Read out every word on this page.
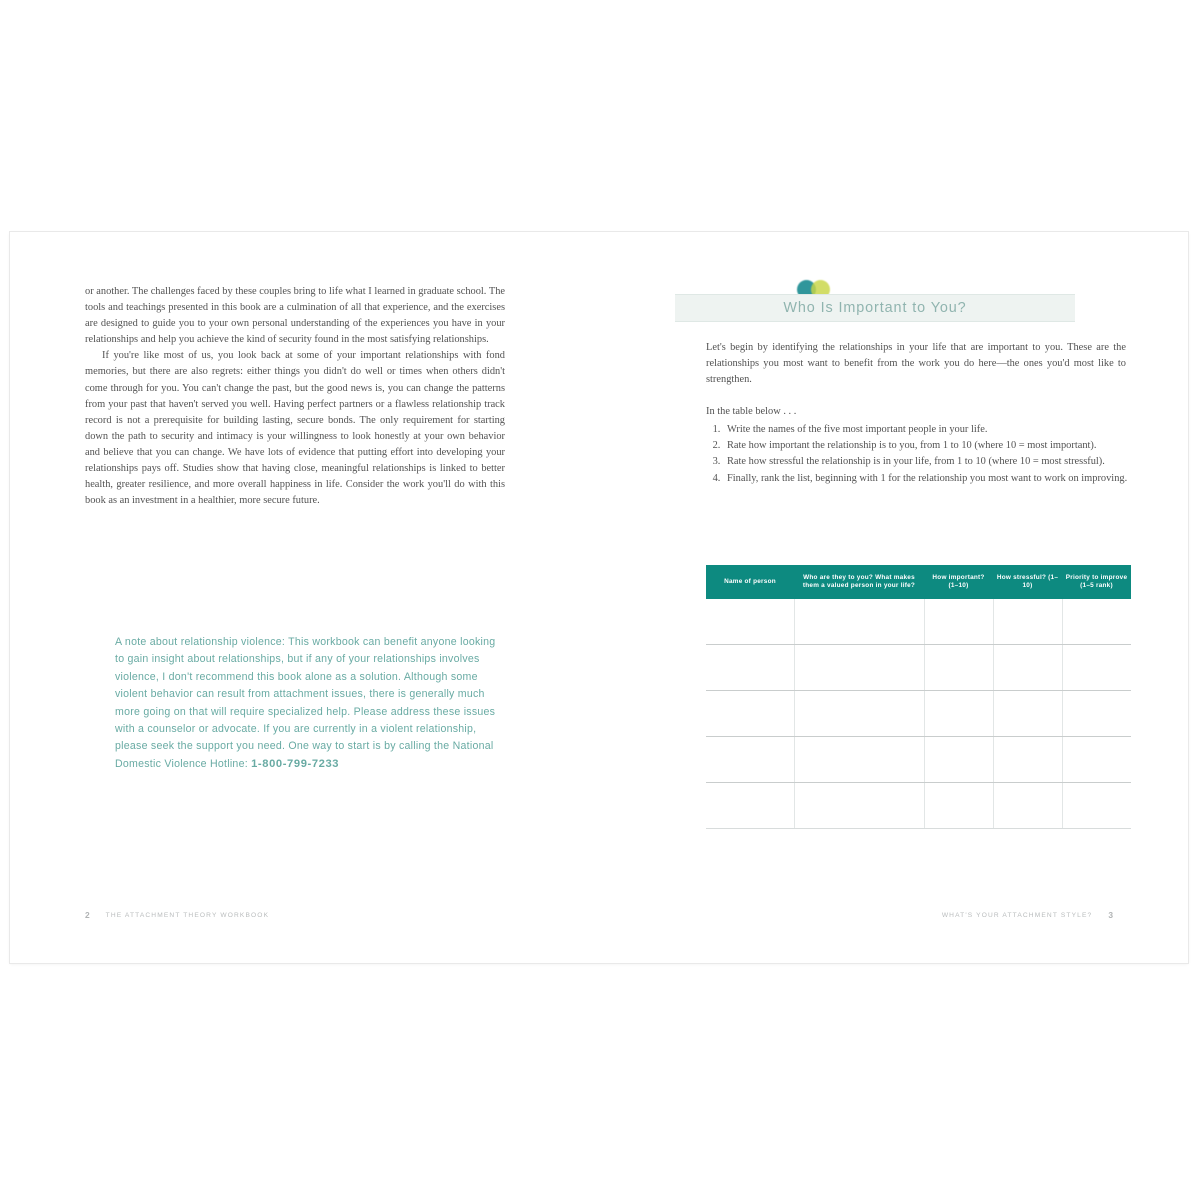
or another. The challenges faced by these couples bring to life what I learned in graduate school. The tools and teachings presented in this book are a culmination of all that experience, and the exercises are designed to guide you to your own personal understanding of the experiences you have in your relationships and help you achieve the kind of security found in the most satisfying relationships.

If you're like most of us, you look back at some of your important relationships with fond memories, but there are also regrets: either things you didn't do well or times when others didn't come through for you. You can't change the past, but the good news is, you can change the patterns from your past that haven't served you well. Having perfect partners or a flawless relationship track record is not a prerequisite for building lasting, secure bonds. The only requirement for starting down the path to security and intimacy is your willingness to look honestly at your own behavior and believe that you can change. We have lots of evidence that putting effort into developing your relationships pays off. Studies show that having close, meaningful relationships is linked to better health, greater resilience, and more overall happiness in life. Consider the work you'll do with this book as an investment in a healthier, more secure future.

A note about relationship violence: This workbook can benefit anyone looking to gain insight about relationships, but if any of your relationships involves violence, I don't recommend this book alone as a solution. Although some violent behavior can result from attachment issues, there is generally much more going on that will require specialized help. Please address these issues with a counselor or advocate. If you are currently in a violent relationship, please seek the support you need. One way to start is by calling the National Domestic Violence Hotline: 1-800-799-7233
2 THE ATTACHMENT THEORY WORKBOOK
Who Is Important to You?

Let's begin by identifying the relationships in your life that are important to you. These are the relationships you most want to benefit from the work you do here—the ones you'd most like to strengthen.

In the table below . . .
1. Write the names of the five most important people in your life.
2. Rate how important the relationship is to you, from 1 to 10 (where 10 = most important).
3. Rate how stressful the relationship is in your life, from 1 to 10 (where 10 = most stressful).
4. Finally, rank the list, beginning with 1 for the relationship you most want to work on improving.
Name of person	Who are they to you? What makes them a valued person in your life?	How important? (1–10)	How stressful? (1–10)	Priority to improve (1–5 rank)

WHAT'S YOUR ATTACHMENT STYLE? 3
